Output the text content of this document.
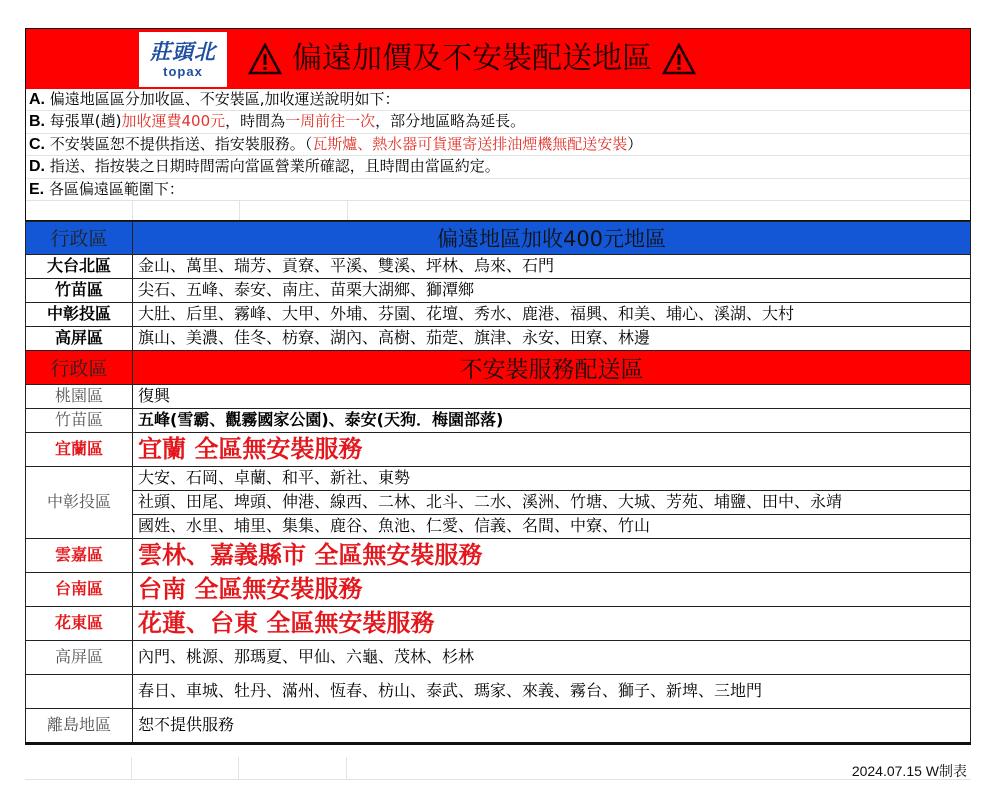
莊頭北
topax	偏遠加價及不安裝配送地區
A. 偏遠地區區分加收區、不安裝區,加收運送說明如下：
B. 每張單(趟)加收運費400元，時間為一周前往一次，部分地區略為延長。
C. 不安裝區恕不提供指送、指安裝服務。（瓦斯爐、熱水器可貨運寄送排油煙機無配送安裝）
D. 指送、指按裝之日期時間需向當區營業所確認，且時間由當區約定。
E. 各區偏遠區範圍下：
行政區	偏遠地區加收400元地區
大台北區	金山、萬里、瑞芳、貢寮、平溪、雙溪、坪林、烏來、石門
竹苗區	尖石、五峰、泰安、南庄、苗栗大湖鄉、獅潭鄉
中彰投區	大肚、后里、霧峰、大甲、外埔、芬園、花壇、秀水、鹿港、福興、和美、埔心、溪湖、大村
高屏區	旗山、美濃、佳冬、枋寮、湖內、高樹、茄萣、旗津、永安、田寮、林邊
行政區	不安裝服務配送區
桃園區	復興
竹苗區	五峰(雪霸、觀霧國家公園)、泰安(天狗．梅園部落)
宜蘭區	宜蘭 全區無安裝服務
中彰投區	大安、石岡、卓蘭、和平、新社、東勢
	社頭、田尾、埤頭、伸港、線西、二林、北斗、二水、溪洲、竹塘、大城、芳苑、埔鹽、田中、永靖
	國姓、水里、埔里、集集、鹿谷、魚池、仁愛、信義、名間、中寮、竹山
雲嘉區	雲林、嘉義縣市 全區無安裝服務
台南區	台南 全區無安裝服務
花東區	花蓮、台東 全區無安裝服務
高屏區	內門、桃源、那瑪夏、甲仙、六龜、茂林、杉林
	春日、車城、牡丹、滿州、恆春、枋山、泰武、瑪家、來義、霧台、獅子、新埤、三地門
離島地區	恕不提供服務
2024.07.15 W制表
